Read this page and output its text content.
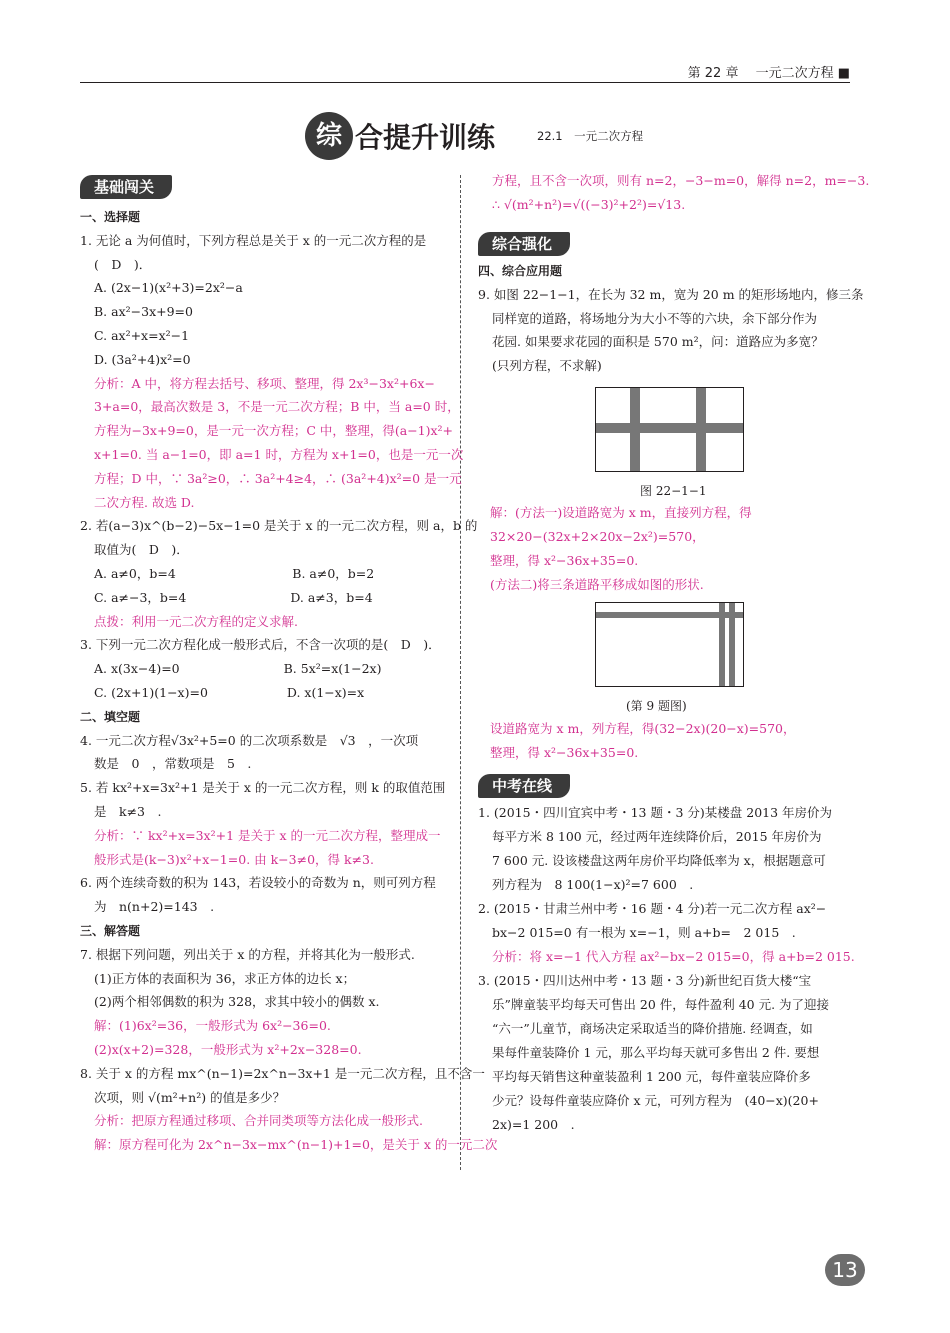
第 22 章　 一元二次方程 ■
综 合提升训练	22.1　一元二次方程
基础闯关
综合强化
中考在线
一、选择题
1. 无论 a 为何值时，下列方程总是关于 x 的一元二次方程的是
(　D　)．
A. (2x−1)(x²+3)=2x²−a
B. ax²−3x+9=0
C. ax²+x=x²−1
D. (3a²+4)x²=0
分析：A 中，将方程去括号、移项、整理，得 2x³−3x²+6x−
3+a=0，最高次数是 3，不是一元二次方程；B 中，当 a=0 时，
方程为−3x+9=0，是一元一次方程；C 中，整理，得(a−1)x²+
x+1=0. 当 a−1=0，即 a=1 时，方程为 x+1=0，也是一元一次
方程；D 中，∵ 3a²≥0，∴ 3a²+4≥4，∴ (3a²+4)x²=0 是一元
二次方程. 故选 D.
2. 若(a−3)x^(b−2)−5x−1=0 是关于 x 的一元二次方程，则 a，b 的
取值为(　D　)．
A. a≠0，b=4　　　　　　　　　 B. a≠0，b=2
C. a≠−3，b=4　　　　　　　　 D. a≠3，b=4
点拨：利用一元二次方程的定义求解.
3. 下列一元二次方程化成一般形式后，不含一次项的是(　D　)．
A. x(3x−4)=0　　　　　　　　 B. 5x²=x(1−2x)
C. (2x+1)(1−x)=0　　　　　　 D. x(1−x)=x
二、填空题
4. 一元二次方程√3x²+5=0 的二次项系数是　√3　，一次项
数是　0　，常数项是　5　.
5. 若 kx²+x=3x²+1 是关于 x 的一元二次方程，则 k 的取值范围
是　k≠3　.
分析：∵ kx²+x=3x²+1 是关于 x 的一元二次方程，整理成一
般形式是(k−3)x²+x−1=0. 由 k−3≠0，得 k≠3.
6. 两个连续奇数的积为 143，若设较小的奇数为 n，则可列方程
为　n(n+2)=143　.
三、解答题
7. 根据下列问题，列出关于 x 的方程，并将其化为一般形式.
(1)正方体的表面积为 36，求正方体的边长 x；
(2)两个相邻偶数的积为 328，求其中较小的偶数 x.
解：(1)6x²=36，一般形式为 6x²−36=0.
(2)x(x+2)=328，一般形式为 x²+2x−328=0.
8. 关于 x 的方程 mx^(n−1)=2x^n−3x+1 是一元二次方程，且不含一
次项，则 √(m²+n²) 的值是多少？
分析：把原方程通过移项、合并同类项等方法化成一般形式.
解：原方程可化为 2x^n−3x−mx^(n−1)+1=0，是关于 x 的一元二次
方程，且不含一次项，则有 n=2，−3−m=0，解得 n=2，m=−3.
∴ √(m²+n²)=√((−3)²+2²)=√13.
四、综合应用题
9. 如图 22−1−1，在长为 32 m，宽为 20 m 的矩形场地内，修三条
同样宽的道路，将场地分为大小不等的六块，余下部分作为
花园. 如果要求花园的面积是 570 m²，问：道路应为多宽？
(只列方程，不求解)
图 22−1−1
解：(方法一)设道路宽为 x m，直接列方程，得
32×20−(32x+2×20x−2x²)=570，
整理，得 x²−36x+35=0.
(方法二)将三条道路平移成如图的形状.
(第 9 题图)
设道路宽为 x m，列方程，得(32−2x)(20−x)=570，
整理，得 x²−36x+35=0.
1. (2015・四川宜宾中考・13 题・3 分)某楼盘 2013 年房价为
每平方米 8 100 元，经过两年连续降价后，2015 年房价为
7 600 元. 设该楼盘这两年房价平均降低率为 x，根据题意可
列方程为　8 100(1−x)²=7 600　.
2. (2015・甘肃兰州中考・16 题・4 分)若一元二次方程 ax²−
bx−2 015=0 有一根为 x=−1，则 a+b=　2 015　.
分析：将 x=−1 代入方程 ax²−bx−2 015=0，得 a+b=2 015.
3. (2015・四川达州中考・13 题・3 分)新世纪百货大楼“宝
乐”牌童装平均每天可售出 20 件，每件盈利 40 元. 为了迎接
“六一”儿童节，商场决定采取适当的降价措施. 经调查，如
果每件童装降价 1 元，那么平均每天就可多售出 2 件. 要想
平均每天销售这种童装盈利 1 200 元，每件童装应降价多
少元？设每件童装应降价 x 元，可列方程为　(40−x)(20+
2x)=1 200　.
13
